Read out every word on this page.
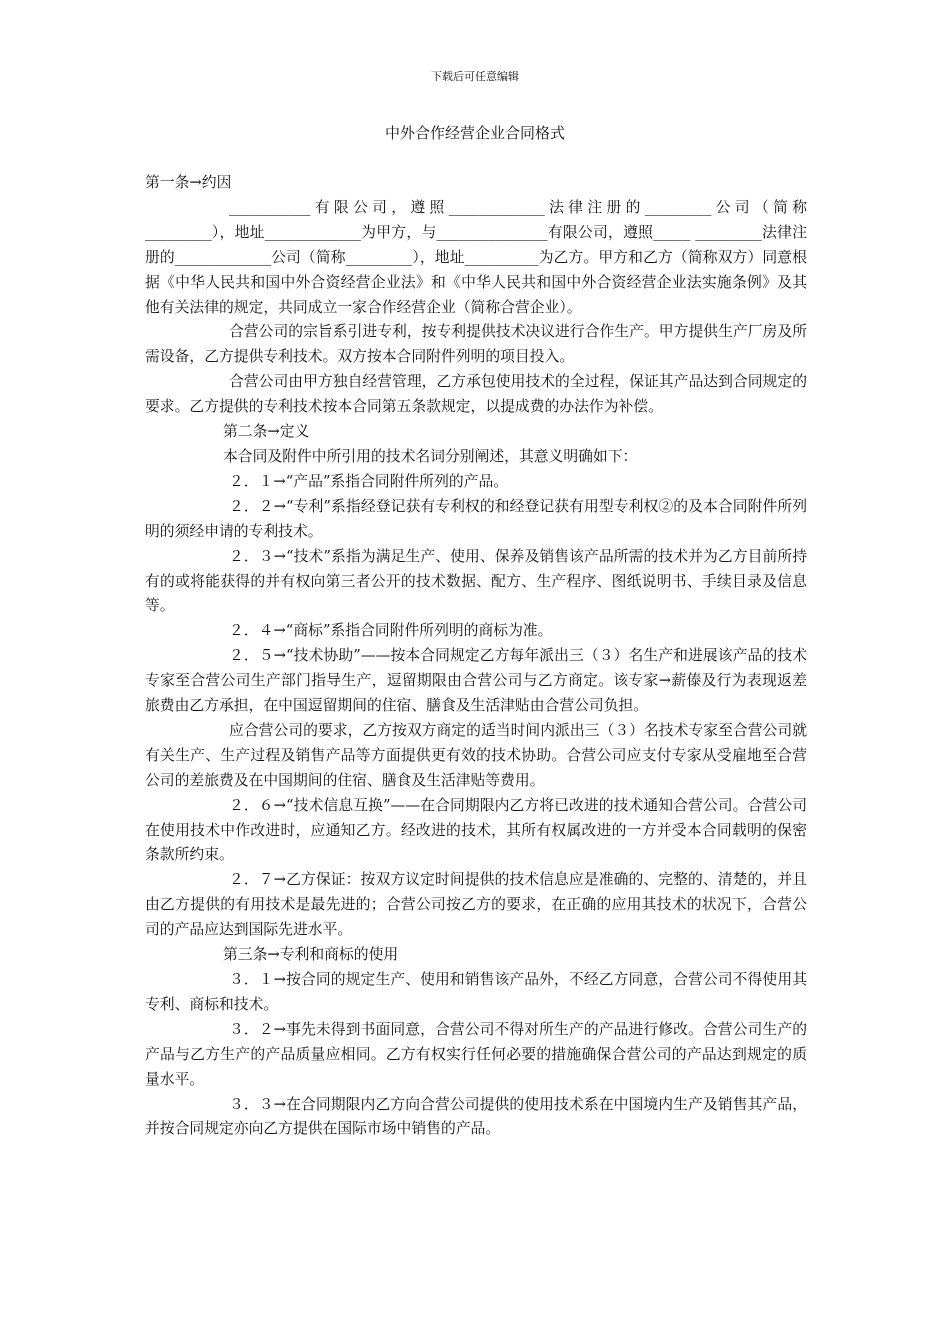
下载后可任意编辑
中外合作经营企业合同格式

第一条→约因

___________有限公司，遵照_____________法律注册的_________公司（简称_________），地址_____________为甲方，与_______________有限公司，遵照_____ _________法律注册的_____________公司（简称_________），地址__________为乙方。甲方和乙方（简称双方）同意根据《中华人民共和国中外合资经营企业法》和《中华人民共和国中外合资经营企业法实施条例》及其他有关法律的规定，共同成立一家合作经营企业（简称合营企业）。

合营公司的宗旨系引进专利，按专利提供技术决议进行合作生产。甲方提供生产厂房及所需设备，乙方提供专利技术。双方按本合同附件列明的项目投入。

合营公司由甲方独自经营管理，乙方承包使用技术的全过程，保证其产品达到合同规定的要求。乙方提供的专利技术按本合同第五条款规定，以提成费的办法作为补偿。

第二条→定义

本合同及附件中所引用的技术名词分别阐述，其意义明确如下：

２．１→“产品”系指合同附件所列的产品。

２．２→“专利”系指经登记获有专利权的和经登记获有用型专利权②的及本合同附件所列明的须经申请的专利技术。

２．３→“技术”系指为满足生产、使用、保养及销售该产品所需的技术并为乙方目前所持有的或将能获得的并有权向第三者公开的技术数据、配方、生产程序、图纸说明书、手续目录及信息等。

２．４→“商标”系指合同附件所列明的商标为准。

２．５→“技术协助”——按本合同规定乙方每年派出三（３）名生产和进展该产品的技术专家至合营公司生产部门指导生产，逗留期限由合营公司与乙方商定。该专家→薪傣及行为表现返差旅费由乙方承担，在中国逗留期间的住宿、膳食及生活津贴由合营公司负担。

应合营公司的要求，乙方按双方商定的适当时间内派出三（３）名技术专家至合营公司就有关生产、生产过程及销售产品等方面提供更有效的技术协助。合营公司应支付专家从受雇地至合营公司的差旅费及在中国期间的住宿、膳食及生活津贴等费用。

２．６→“技术信息互换”——在合同期限内乙方将已改进的技术通知合营公司。合营公司在使用技术中作改进时，应通知乙方。经改进的技术，其所有权属改进的一方并受本合同载明的保密条款所约束。

２．７→乙方保证：按双方议定时间提供的技术信息应是准确的、完整的、清楚的，并且由乙方提供的有用技术是最先进的；合营公司按乙方的要求，在正确的应用其技术的状况下，合营公司的产品应达到国际先进水平。

第三条→专利和商标的使用

３．１→按合同的规定生产、使用和销售该产品外，不经乙方同意，合营公司不得使用其专利、商标和技术。

３．２→事先未得到书面同意，合营公司不得对所生产的产品进行修改。合营公司生产的产品与乙方生产的产品质量应相同。乙方有权实行任何必要的措施确保合营公司的产品达到规定的质量水平。

３．３→在合同期限内乙方向合营公司提供的使用技术系在中国境内生产及销售其产品，并按合同规定亦向乙方提供在国际市场中销售的产品。
